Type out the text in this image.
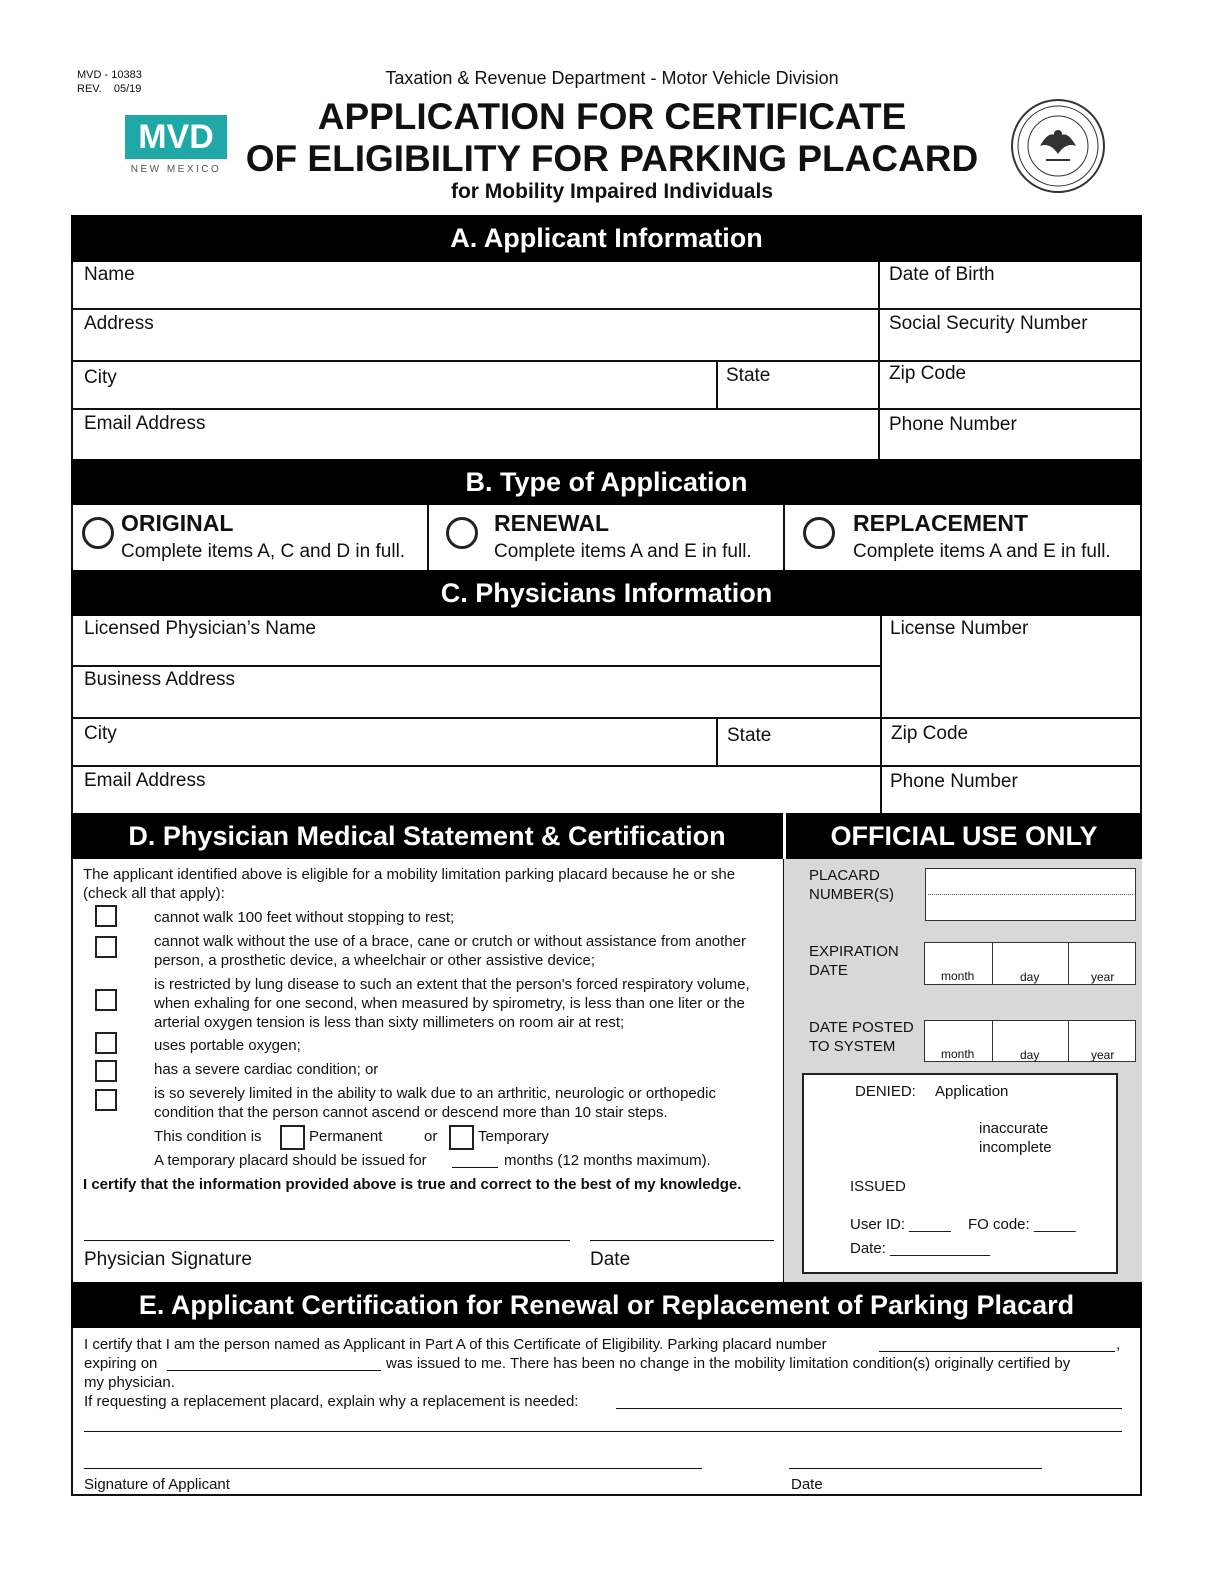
MVD - 10383
REV.    05/19
Taxation & Revenue Department - Motor Vehicle Division
APPLICATION FOR CERTIFICATE
OF ELIGIBILITY FOR PARKING PLACARD
for Mobility Impaired Individuals
MVD
NEW MEXICO
A. Applicant Information
Name	Date of Birth
Address	Social Security Number
City	State	Zip Code
Email Address	Phone Number
B. Type of Application
ORIGINAL
Complete items A, C and D in full.
RENEWAL
Complete items A and E in full.
REPLACEMENT
Complete items A and E in full.
C. Physicians Information
Licensed Physician’s Name	License Number
Business Address
City	State	Zip Code
Email Address	Phone Number
D. Physician Medical Statement & Certification	OFFICIAL USE ONLY
The applicant identified above is eligible for a mobility limitation parking placard because he or she (check all that apply):
cannot walk 100 feet without stopping to rest;
cannot walk without the use of a brace, cane or crutch or without assistance from another person, a prosthetic device, a wheelchair or other assistive device;
is restricted by lung disease to such an extent that the person's forced respiratory volume, when exhaling for one second, when measured by spirometry, is less than one liter or the arterial oxygen tension is less than sixty millimeters on room air at rest;
uses portable oxygen;
has a severe cardiac condition; or
is so severely limited in the ability to walk due to an arthritic, neurologic or orthopedic condition that the person cannot ascend or descend more than 10 stair steps.
This condition is	Permanent	or	Temporary
A temporary placard should be issued for	months (12 months maximum).
I certify that the information provided above is true and correct to the best of my knowledge.
Physician Signature	Date
PLACARD NUMBER(S)
EXPIRATION DATE	month	day	year
DATE POSTED TO SYSTEM	month	day	year
DENIED: Application
inaccurate
incomplete
ISSUED
User ID: _____ FO code: _____
Date: ____________
E. Applicant Certification for Renewal or Replacement of Parking Placard
I certify that I am the person named as Applicant in Part A of this Certificate of Eligibility. Parking placard number	,
expiring on	was issued to me. There has been no change in the mobility limitation condition(s) originally certified by
my physician.
If requesting a replacement placard, explain why a replacement is needed:
Signature of Applicant	Date
